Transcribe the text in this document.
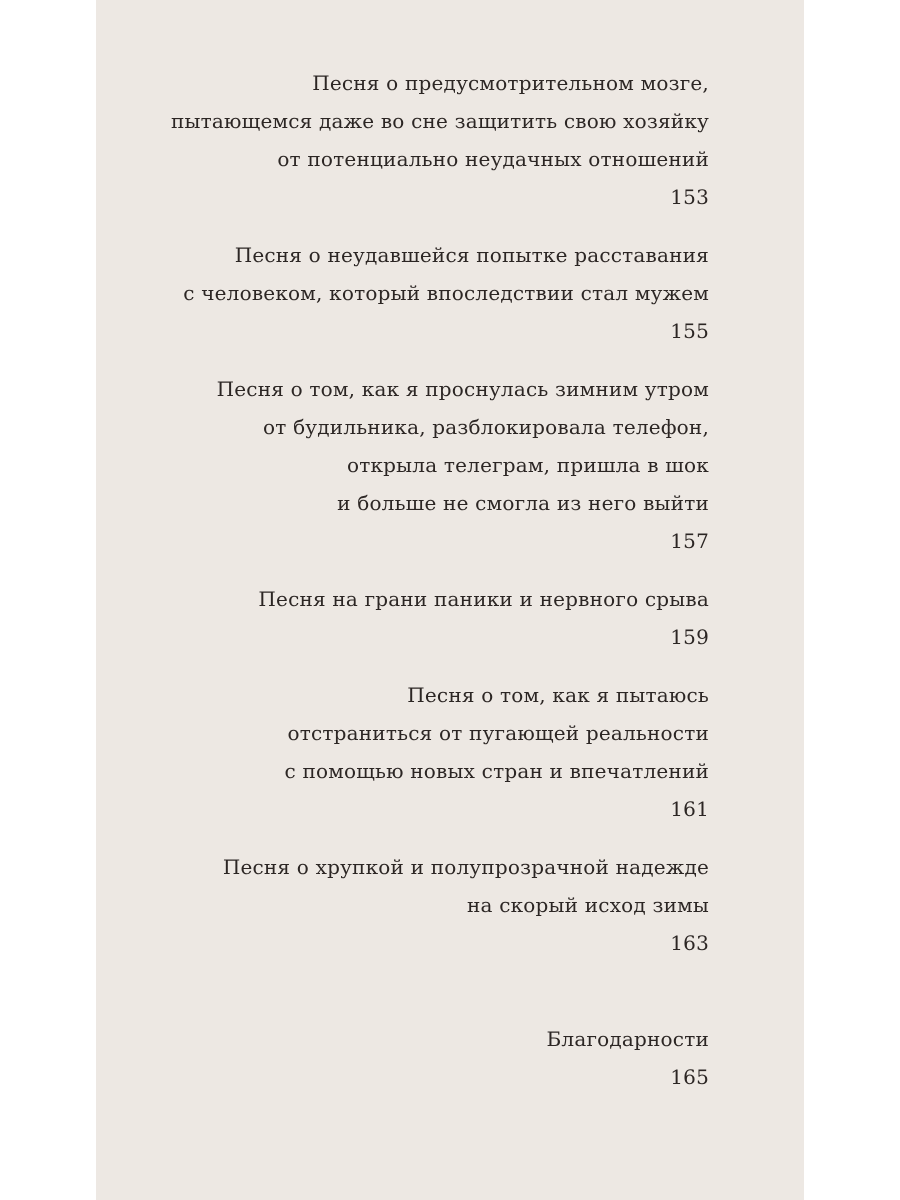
Песня о предусмотрительном мозге,
пытающемся даже во сне защитить свою хозяйку
от потенциально неудачных отношений
153
Песня о неудавшейся попытке расставания
с человеком, который впоследствии стал мужем
155
Песня о том, как я проснулась зимним утром
от будильника, разблокировала телефон,
открыла телеграм, пришла в шок
и больше не смогла из него выйти
157
Песня на грани паники и нервного срыва
159
Песня о том, как я пытаюсь
отстраниться от пугающей реальности
с помощью новых стран и впечатлений
161
Песня о хрупкой и полупрозрачной надежде
на скорый исход зимы
163
Благодарности
165
